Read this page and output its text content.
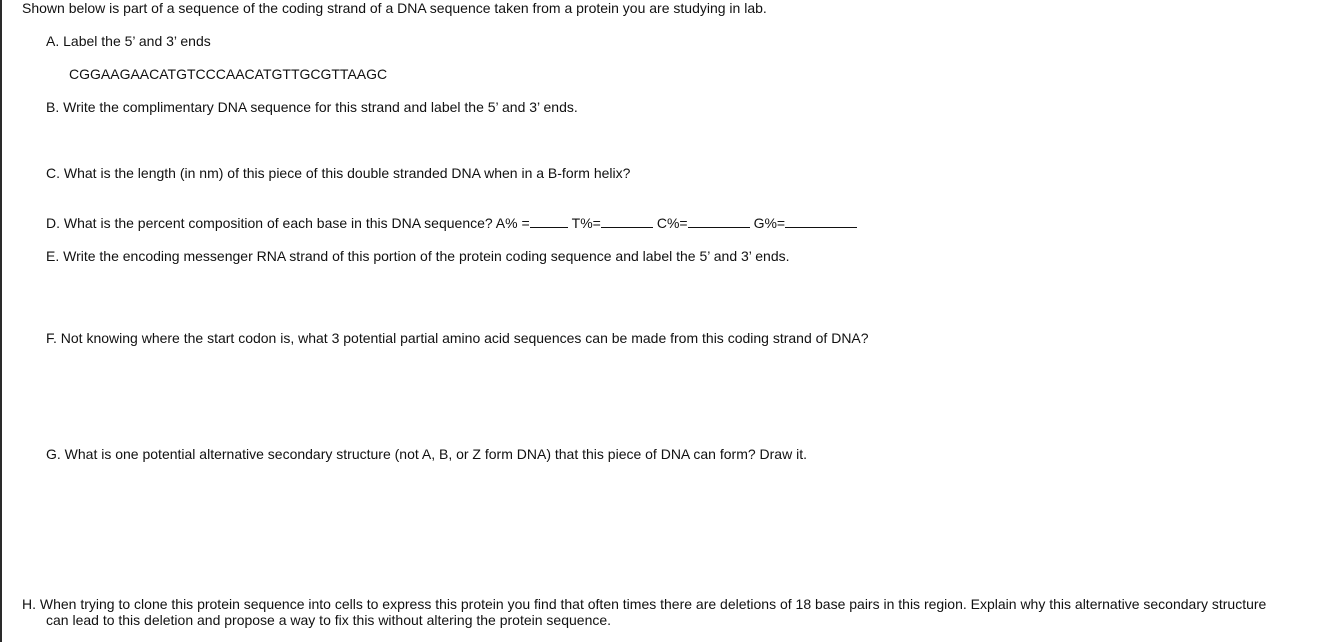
Shown below is part of a sequence of the coding strand of a DNA sequence taken from a protein you are studying in lab.
A. Label the 5’ and 3’ ends
CGGAAGAACATGTCCCAACATGTTGCGTTAAGC
B. Write the complimentary DNA sequence for this strand and label the 5’ and 3’ ends.
C. What is the length (in nm) of this piece of this double stranded DNA when in a B-form helix?
D. What is the percent composition of each base in this DNA sequence? A% =	T%=	C%=	G%=
E. Write the encoding messenger RNA strand of this portion of the protein coding sequence and label the 5’ and 3’ ends.
F. Not knowing where the start codon is, what 3 potential partial amino acid sequences can be made from this coding strand of DNA?
G. What is one potential alternative secondary structure (not A, B, or Z form DNA) that this piece of DNA can form? Draw it.
H. When trying to clone this protein sequence into cells to express this protein you find that often times there are deletions of 18 base pairs in this region. Explain why this alternative secondary structure
can lead to this deletion and propose a way to fix this without altering the protein sequence.
